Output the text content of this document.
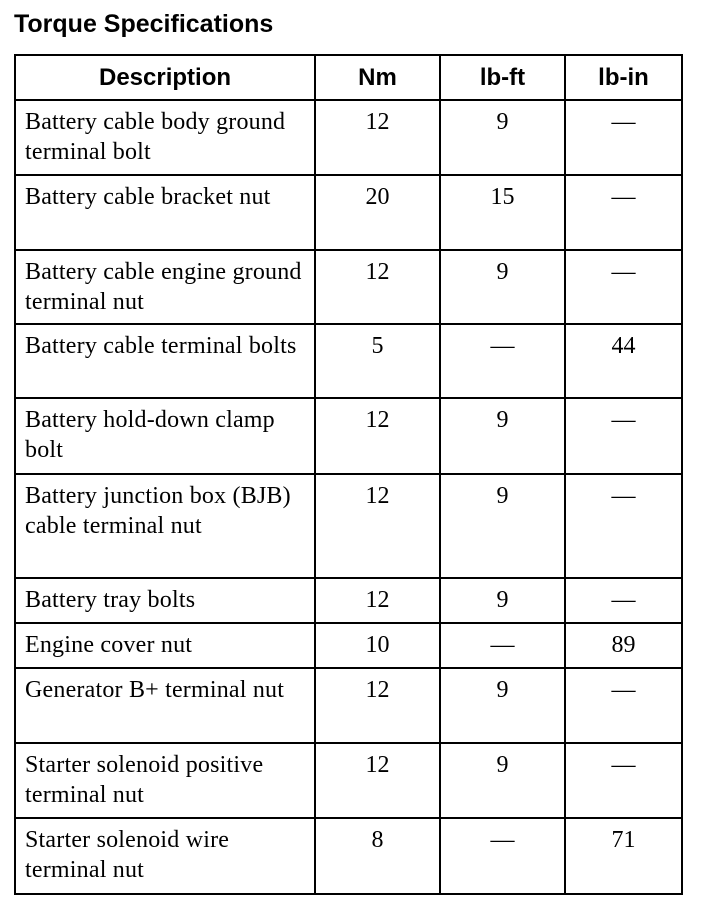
Torque Specifications
Description	Nm	lb-ft	lb-in
Battery cable body ground terminal bolt	12	9	—
Battery cable bracket nut	20	15	—
Battery cable engine ground terminal nut	12	9	—
Battery cable terminal bolts	5	—	44
Battery hold-down clamp bolt	12	9	—
Battery junction box (BJB) cable terminal nut	12	9	—
Battery tray bolts	12	9	—
Engine cover nut	10	—	89
Generator B+ terminal nut	12	9	—
Starter solenoid positive terminal nut	12	9	—
Starter solenoid wire terminal nut	8	—	71
